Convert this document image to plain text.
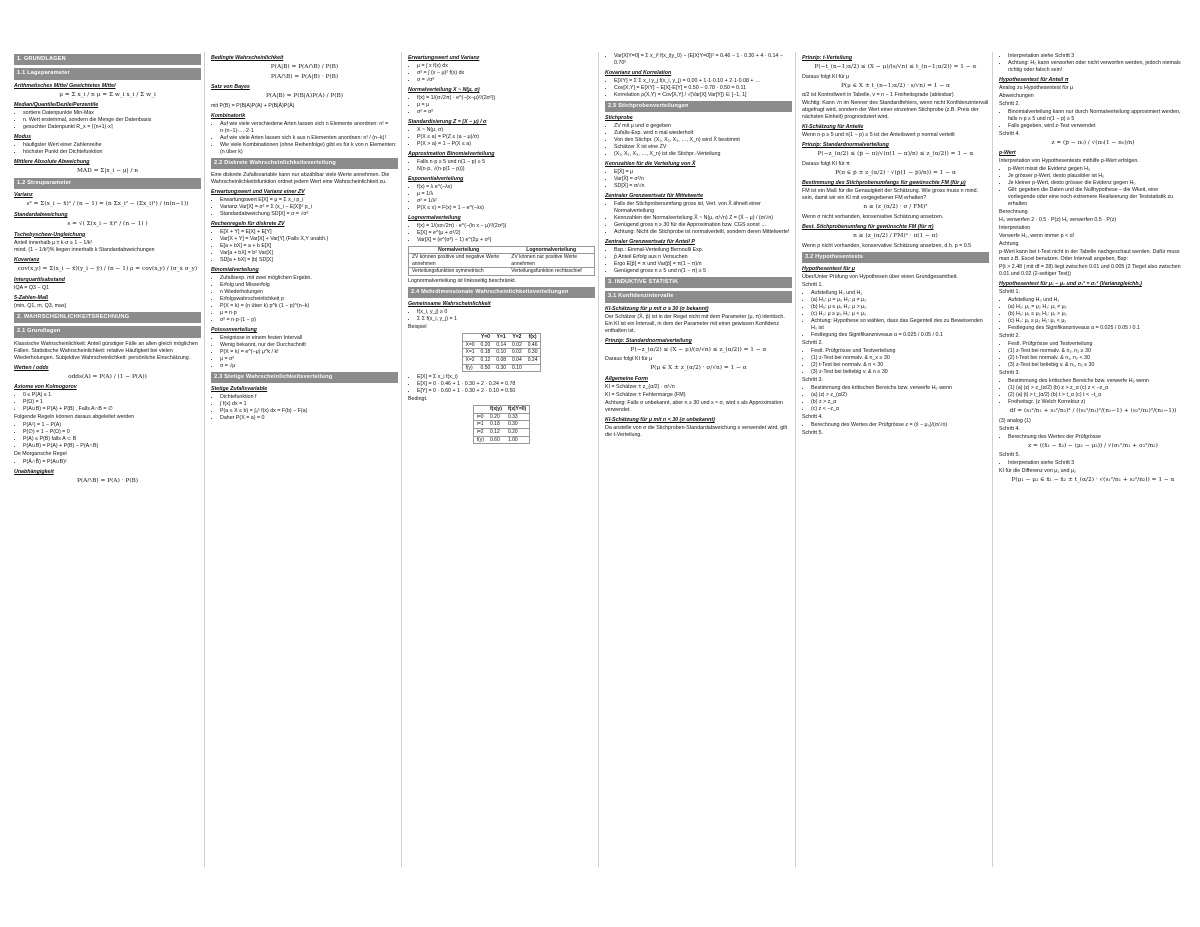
1. GRUNDLAGEN
1.1 Lageparameter
Arithmetisches Mittel Gewichtetes Mittel
μ = Σ x_i / n μ = Σ w_i x_i / Σ w_i
Median/Quantile/Dezile/Perzentile
• sortiere Datenpunkte Min-Max
• n. Wert ersteinmal, sondern die Menge der Datenbasis
• gesuchter Datenpunkt R_x = ⌈(n+1)·x⌉
Modus
• häufigster Wert einer Zahlenreihe
• höchster Punkt der Dichtefunktion
Mittlere Absolute Abweichung
MAD = Σ|x_i − μ| / n
1.2 Streuparameter
Varianz
s² = Σ(x_i − x̄)² / (n − 1) = (n Σx_i² − (Σx_i)²) / (n(n−1))
Standardabweichung
s = √( Σ(x_i − x̄)² / (n − 1) )
Tschebyschew-Ungleichung
Anteil innerhalb μ ± k·σ ≥ 1 − 1/k²
mind. (1 − 1/k²)% liegen innerhalb k Standardabweichungen
Kovarianz
cov(x,y) = Σ(x_i − x̄)(y_i − ȳ) / (n − 1) ρ = cov(x,y) / (σ_x σ_y)
Interquartilsabstand
IQA = Q3 − Q1
5-Zahlen-Maß
(min, Q1, m, Q3, max)
2. WAHRSCHEINLICHKEITSRECHNUNG
2.1 Grundlagen
Klassische Wahrscheinlichkeit: Anteil günstiger Fälle an allen gleich möglichen Fällen. Statistische Wahrscheinlichkeit: relative Häufigkeit bei vielen Wiederholungen. Subjektive Wahrscheinlichkeit: persönliche Einschätzung.
Wetten / odds
odds(A) = P(A) / (1 − P(A))
Axiome von Kolmogorov
• 0 ≤ P(A) ≤ 1
• P(Ω) = 1
• P(A∪B) = P(A) + P(B) , Falls A∩B = ∅
Folgende Regeln können daraus abgeleitet werden
• P(Aᶜ) = 1 − P(A)
• P(∅) = 1 − P(Ω) = 0
• P(A) ≤ P(B) falls A ⊂ B
• P(A∪B) = P(A) + P(B) − P(A∩B)
De Morgansche Regel
• P(Ā∩B̄) = P(A∪B)ᶜ
Unabhängigkeit
P(A∩B) = P(A) · P(B)
Bedingte Wahrscheinlichkeit
P(A|B) = P(A∩B) / P(B)
P(A∩B) = P(A|B) · P(B)
Satz von Bayes
P(A|B) = P(B|A)P(A) / P(B)
mit P(B) = P(B|A)P(A) + P(B|Ā)P(Ā)
Kombinatorik
• Auf wie viele verschiedene Arten lassen sich n Elemente anordnen: n! = n·(n−1)·…·2·1
• Auf wie viele Arten lassen sich k aus n Elementen anordnen: n! / (n−k)!
• Wie viele Kombinationen (ohne Reihenfolge) gibt es für k von n Elementen: (n über k)
2.2 Diskrete Wahrscheinlichkeitsverteilung
Eine diskrete Zufallsvariable kann nur abzählbar viele Werte annehmen. Die Wahrscheinlichkeitsfunktion ordnet jedem Wert eine Wahrscheinlichkeit zu.
Erwartungswert und Varianz einer ZV
• Erwartungswert E[X] = μ = Σ x_i p_i
• Varianz Var[X] = σ² = Σ (x_i − E[X])² p_i
• Standardabweichung SD[X] = σ = √σ²
Rechenregeln für diskrete ZV
• E[X + Y] = E[X] + E[Y]
• Var[X + Y] = Var[X] + Var[Y] (Falls X,Y unabh.)
• E[a + bX] = a + b E[X]
• Var[a + bX] = b² Var[X]
• SD[a + bX] = |b| SD[X]
Binomialverteilung
• Zufallsexp. mit zwei möglichen Ergebn.
• Erfolg und Misserfolg
• n Wiederholungen
• Erfolgswahrscheinlichkeit p
• P(X = k) = (n über k) p^k (1 − p)^(n−k)
• μ = n·p
• σ² = n·p·(1 − p)
Poissonverteilung
• Ereignisse in einem festen Intervall
• Wenig bekannt, nur der Durchschnitt
• P(X = k) = e^(−μ) μ^k / k!
• μ = σ²
• σ = √μ
2.3 Stetige Wahrscheinlichkeitsverteilung
Stetige Zufallsvariable
• Dichtefunktion f
• ∫ f(x) dx = 1
• P(a ≤ X ≤ b) = ∫ₐᵇ f(x) dx = F(b) − F(a)
• Daher P(X = a) = 0
Erwartungswert und Varianz
• μ = ∫ x f(x) dx
• σ² = ∫ (x − μ)² f(x) dx
• σ = √σ²
Normalverteilung X ~ N(μ, σ)
• f(x) = 1/(σ√2π) · e^(−(x−μ)²/(2σ²))
• μ = μ
• σ² = σ²
Standardisierung Z = (X − μ) / σ
• X ~ N(μ, σ)
• P(X ≤ a) = P(Z ≤ (a − μ)/σ)
• P(X > a) = 1 − P(X ≤ a)
Approximation Binomialverteilung
• Falls n·p ≥ 5 und n(1 − p) ≥ 5
• N(n·p, √(n·p(1 − p)))
Exponentialverteilung
• f(x) = λ e^(−λx)
• μ = 1/λ
• σ² = 1/λ²
• P(X ≤ x) = F(x) = 1 − e^(−λx)
Lognormalverteilung
• f(x) = 1/(xσ√2π) · e^(−(ln x − μ)²/(2σ²))
• E[X] = e^(μ + σ²/2)
• Var[X] = (e^(σ²) − 1) e^(2μ + σ²)
Normalverteilung	Lognormalverteilung
ZV können positive und negative Werte annehmen	ZV können nur positive Werte annehmen
Verteilungsfunktion symmetrisch	Verteilungsfunktion rechtsschief
Lognormalverteilung ist linksseitig beschränkt.
2.4 Mehrdimensionale Wahrscheinlichkeitsverteilungen
Gemeinsame Wahrscheinlichkeit
• f(x_i, y_j) ≥ 0
• Σ Σ f(x_i, y_j) = 1
Beispiel
	Y=0	Y=1	Y=2	f(x)
X=0	0.20	0.14	0.02	0.46
X=1	0.18	0.10	0.02	0.30
X=2	0.12	0.08	0.04	0.24
f(y)	0.50	0.30	0.10	
• E[X] = Σ x_i f(x_i)
• E[X] = 0 · 0.46 + 1 · 0.30 + 2 · 0.24 = 0.78
• E[Y] = 0 · 0.60 + 1 · 0.30 + 2 · 0.10 = 0.50
Bedingt.
	f(x|y)	f(x|Y=0)
i=0	0.20	0.33
i=1	0.18	0.30
i=2	0.12	0.20
f(y)	0.60	1.00
• Var[X|Y=0] = Σ x_i² f(x_i|y_0) − (E[X|Y=0])² = 0.46 − 1 · 0.30 + 4 · 0.14 − 0.70²
Kovarianz und Korrelation
• E[XY] = Σ Σ x_i y_j f(x_i, y_j) = 0.00 + 1·1·0.10 + 2·1·0.08 + …
• Cov[X,Y] = E[XY] − E[X]·E[Y] = 0.50 − 0.78 · 0.50 = 0.11
• Korrelation ρ(X,Y) = Cov[X,Y] / √(Var[X] Var[Y]) ∈ [−1, 1]
2.5 Stichprobenverteilungen
Stichprobe
• ZV mit μ und σ gegeben
• Zufalls-Exp. wird n mal wiederholt
• Von den Stichpr. (X₁, X₂, X₃, …, X_n) wird X̄ bestimmt
• Schätzer X̄ ist eine ZV
• (X₁, X₂, X₃, …, X_n) ist die Stichpr.-Verteilung
Kennzahlen für die Verteilung von X̄
• E[X̄] = μ
• Var[X̄] = σ²/n
• SD[X̄] = σ/√n
Zentraler Grenzwertsatz für Mittelwerte
• Falls der Stichprobenumfang gross ist, Vert. von X̄ ähnelt einer Normalverteilung
• Kennzahlen der Normalverteilung X̄ ~ N(μ, σ/√n) Z = (X̄ − μ) / (σ/√n)
• Genügend gross n ≥ 30 für die Approximation bzw. CGS sonst …
• Achtung: Nicht die Stichprobe ist normalverteilt, sondern deren Mittelwerte!
Zentraler Grenzwertsatz für Anteil P
• Bsp.: Einmal-Verteilung Bernoulli Exp.
• p̂ Anteil Erfolg aus n Versuchen
• Ergo E[p̂] = π und Var[p̂] = π(1 − π)/n
• Genügend gross n ≥ 5 und n(1 − π) ≥ 5
3. INDUKTIVE STATISTIK
3.1 Konfidenzintervalle
KI-Schätzung für μ mit σ ≥ 30 (σ bekannt)
Der Schätzer (X̄, p̂) ist in der Regel nicht mit dem Parameter (μ, π) identisch. Ein KI ist ein Intervall, in dem der Parameter mit einer gewissen Konfidenz enthalten ist.
Prinzip: Standardnormalverteilung
P(−z_(α/2) ≤ (X̄ − μ)/(σ/√n) ≤ z_(α/2)) = 1 − α
Daraus folgt KI für μ
P(μ ∈ X̄ ± z_(α/2) · σ/√n) = 1 − α
Allgemeine Form
KI = Schätzer ± z_(α/2) · σ/√n
KI = Schätzer ± Fehlermarge (FM)
Achtung: Falls σ unbekannt, aber n ≥ 30 und s ≈ σ, wird s als Approximation verwendet.
KI-Schätzung für μ mit n < 30 (σ unbekannt)
Da anstelle von σ die Stichproben-Standardabweichung s verwendet wird, gilt die t-Verteilung.
Prinzip: t-Verteilung
P(−t_(n−1;α/2) ≤ (X̄ − μ)/(s/√n) ≤ t_(n−1;α/2)) = 1 − α
Daraus folgt KI für μ
P(μ ∈ X̄ ± t_(n−1;α/2) · s/√n) = 1 − α
α/2 ist Kontrollwert in Tabelle, ν = n − 1 Freiheitsgrade (ablesbar)
Wichtig: Kann √n im Nenner des Standardfehlers, wenn nicht Konfidenzintervall abgefragt wird, sondern der Wert einer einzelnen Stichprobe (z.B. Preis der nächsten Einheit) prognostiziert wird.
KI-Schätzung für Anteile
Wenn n·p ≥ 5 und n(1 − p) ≥ 5 ist der Anteilswert p normal verteilt
Prinzip: Standardnormalverteilung
P(−z_(α/2) ≤ (p̂ − π)/√(π(1 − π)/n) ≤ z_(α/2)) = 1 − α
Daraus folgt KI für π
P(π ∈ p̂ ± z_(α/2) · √(p̂(1 − p̂)/n)) = 1 − α
Bestimmung des Stichprobenumfangs für gewünschte FM (für μ)
FM ist ein Maß für die Genauigkeit der Schätzung. Wie gross muss n mind. sein, damit wir ein KI mit vorgegebener FM erhalten?
n ≥ (z_(α/2) · σ / FM)²
Wenn σ nicht vorhanden, konservative Schätzung ansetzen.
Best. Stichprobenumfang für gewünschte FM (für π)
n ≥ (z_(α/2) / FM)² · π(1 − π)
Wenn p nicht vorhanden, konservative Schätzung ansetzen, d.h. p = 0.5
3.2 Hypothesentests
Hypothesentest für μ
Über/Unter Prüfung von Hypothesen über einen Grundgesamtheit.
Schritt 1.
• Aufstellung H₀ und H₁
• (a) H₀: μ = μ₀ H₁: μ ≠ μ₀
• (b) H₀: μ ≤ μ₀ H₁: μ > μ₀
• (c) H₀: μ ≥ μ₀ H₁: μ < μ₀
• Achtung: Hypothese so wählen, dass das Gegenteil des zu Beweisenden H₀ ist
• Festlegung des Signifikanzniveaus α = 0.025 / 0.05 / 0.1
Schritt 2.
• Festl. Prüfgrösse und Testverteilung
• (1) z-Test bei normalv. & n_x ≥ 30
• (2) t-Test bei normalv. & n < 30
• (3) z-Test bei beliebig v. & n ≥ 30
Schritt 3.
• Bestimmung des kritischen Bereichs bzw. verwerfe H₀ wenn
• (a) |z| > z_(α/2)
• (b) z > z_α
• (c) z < −z_α
Schritt 4.
• Berechnung des Wertes der Prüfgrösse z = (x̄ − μ₀)/(σ/√n)
Schritt 5.
• Interpretation siehe Schritt 3
• Achtung: H₀ kann verworfen oder nicht verworfen werden, jedoch niemals richtig oder falsch sein!
Hypothesentest für Anteil π
Analog zu Hypothesentest für μ
Abweichungen
Schritt 2.
• Binomialverteilung kann nur durch Normalverteilung approximiert werden, falls n·p ≥ 5 und n(1 − p) ≥ 5
• Falls gegeben, wird z-Test verwendet
Schritt 4.
z = (p̂ − π₀) / √(π₀(1 − π₀)/n)
p-Wert
Interpretation von Hypothesentests mithilfe p-Wert erfolgen.
• p-Wert misst die Evidenz gegen H₀
• Je grösser p-Wert, desto plausibler ist H₀
• Je kleiner p-Wert, desto grösser die Evidenz gegen H₀
• Gilt: gegeben die Daten und die Nullhypothese – die Wkeit, eine vorliegende oder eine noch extremere Realisierung der Teststatistik zu erhalten
Berechnung
H₀ verwerfen 2 · 0.5 · P(z) H₀ verwerfen 0.5 · P(z)
Interpretation
Verwerfe H₀, wenn immer p < α!
Achtung
p-Wert kann bei t-Test nicht in der Tabelle nachgeschaut werden. Dafür muss man z.B. Excel benutzen. Oder Intervall angeben, Bsp:
P(t > 2.48 | mit df = 28) liegt zwischen 0.01 und 0.005 (2 Tiegel also zwischen 0.01 und 0.02 (2-seitiger Test))
Hypothesentest für μ₁ − μ₂ und σ₁² = σ₂² (Varianzgleichh.)
Schritt 1.
• Aufstellung H₀ und H₁
• (a) H₀: μ₁ = μ₂ H₁: μ₁ ≠ μ₂
• (b) H₀: μ₁ ≤ μ₂ H₁: μ₁ > μ₂
• (c) H₀: μ₁ ≥ μ₂ H₁: μ₁ < μ₂
• Festlegung des Signifikanzniveaus α = 0.025 / 0.05 / 0.1
Schritt 2.
• Festl. Prüfgrösse und Testverteilung
• (1) z-Test bei normalv. & n₁, n₂ ≥ 30
• (2) t-Test bei normalv. & n₁, n₂ < 30
• (3) z-Test bei beliebig v. & n₁, n₂ ≥ 30
Schritt 3.
• Bestimmung des kritischen Bereichs bzw. verwerfe H₀ wenn
• (1) (a) |z| > z_(α/2) (b) z > z_α (c) z < −z_α
• (2) (a) |t| > t_(α/2) (b) t > t_α (c) t < −t_α
• Freiheitsgr. (z Welch Korrektur z)
df = (s₁²/n₁ + s₂²/n₂)² / ((s₁²/n₁)²/(n₁−1) + (s₂²/n₂)²/(n₂−1))
(3) analog (1)
Schritt 4.
• Berechnung des Wertes der Prüfgrösse
z = ((x̄₁ − x̄₂) − (μ₁ − μ₂)) / √(σ₁²/n₁ + σ₂²/n₂)
Schritt 5.
• Interpretation siehe Schritt 3
KI für die Differenz von μ₁ und μ₂
P(μ₁ − μ₂ ∈ x̄₁ − x̄₂ ± t_(α/2) · √(s₁²/n₁ + s₂²/n₂)) = 1 − α
